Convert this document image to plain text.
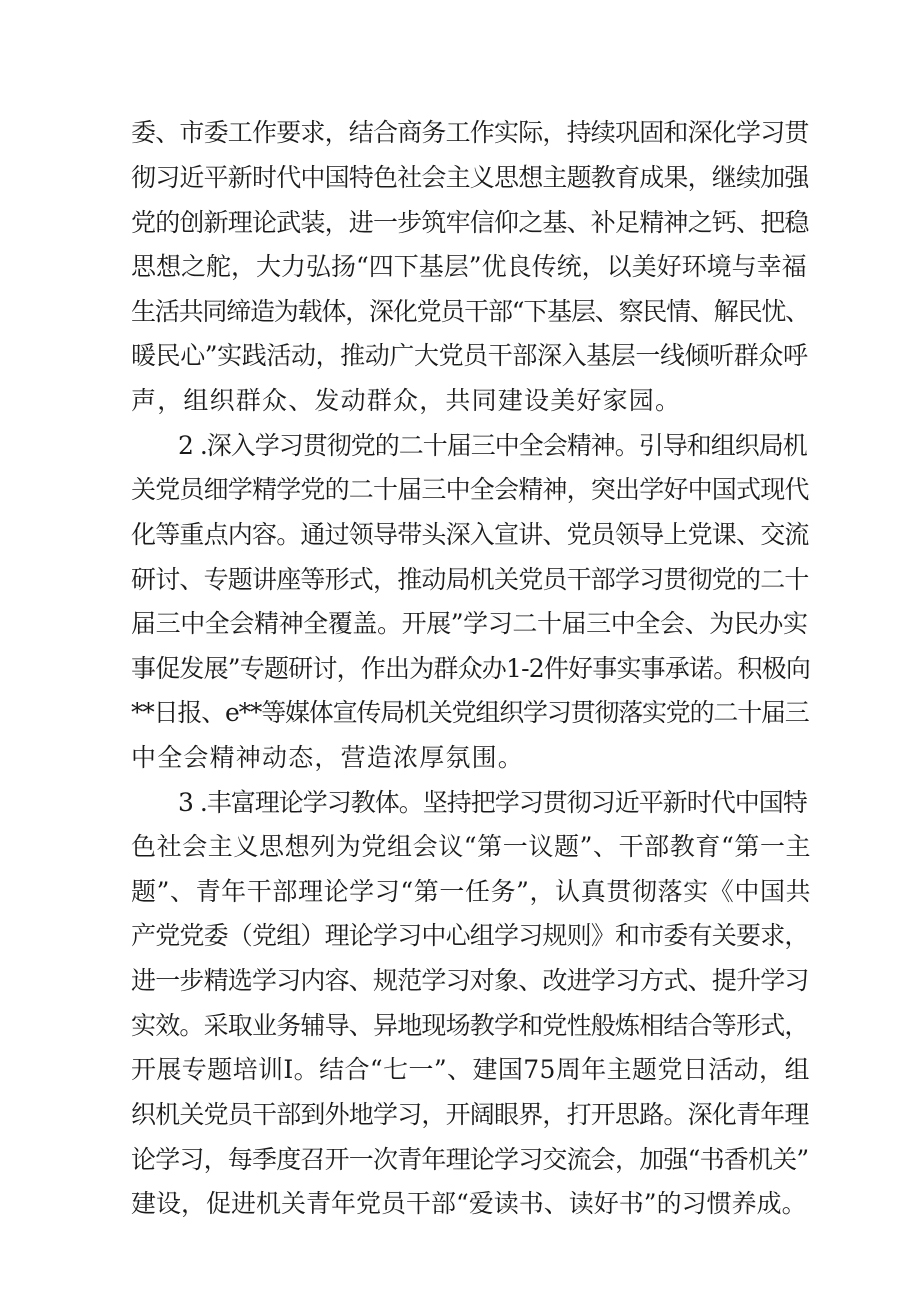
委、市委工作要求，结合商务工作实际，持续巩固和深化学习贯

彻习近平新时代中国特色社会主义思想主题教育成果，继续加强

党的创新理论武装，进一步筑牢信仰之基、补足精神之钙、把稳

思想之舵，大力弘扬“四下基层”优良传统，以美好环境与幸福

生活共同缔造为载体，深化党员干部“下基层、察民情、解民忧、

暖民心”实践活动，推动广大党员干部深入基层一线倾听群众呼

声，组织群众、发动群众，共同建设美好家园。

2 .深入学习贯彻党的二十届三中全会精神。引导和组织局机

关党员细学精学党的二十届三中全会精神，突出学好中国式现代

化等重点内容。通过领导带头深入宣讲、党员领导上党课、交流

研讨、专题讲座等形式，推动局机关党员干部学习贯彻党的二十

届三中全会精神全覆盖。开展”学习二十届三中全会、为民办实

事促发展”专题研讨，作出为群众办1-2件好事实事承诺。积极向

**日报、e**等媒体宣传局机关党组织学习贯彻落实党的二十届三

中全会精神动态，营造浓厚氛围。

3 .丰富理论学习教体。坚持把学习贯彻习近平新时代中国特

色社会主义思想列为党组会议“第一议题”、干部教育“第一主

题”、青年干部理论学习“第一任务”，认真贯彻落实《中国共

产党党委（党组）理论学习中心组学习规则》和市委有关要求，

进一步精选学习内容、规范学习对象、改进学习方式、提升学习

实效。采取业务辅导、异地现场教学和党性般炼相结合等形式，

开展专题培训I。结合“七一”、建国75周年主题党日活动，组

织机关党员干部到外地学习，开阔眼界，打开思路。深化青年理

论学习，每季度召开一次青年理论学习交流会，加强“书香机关”

建设，促进机关青年党员干部“爱读书、读好书”的习惯养成。
